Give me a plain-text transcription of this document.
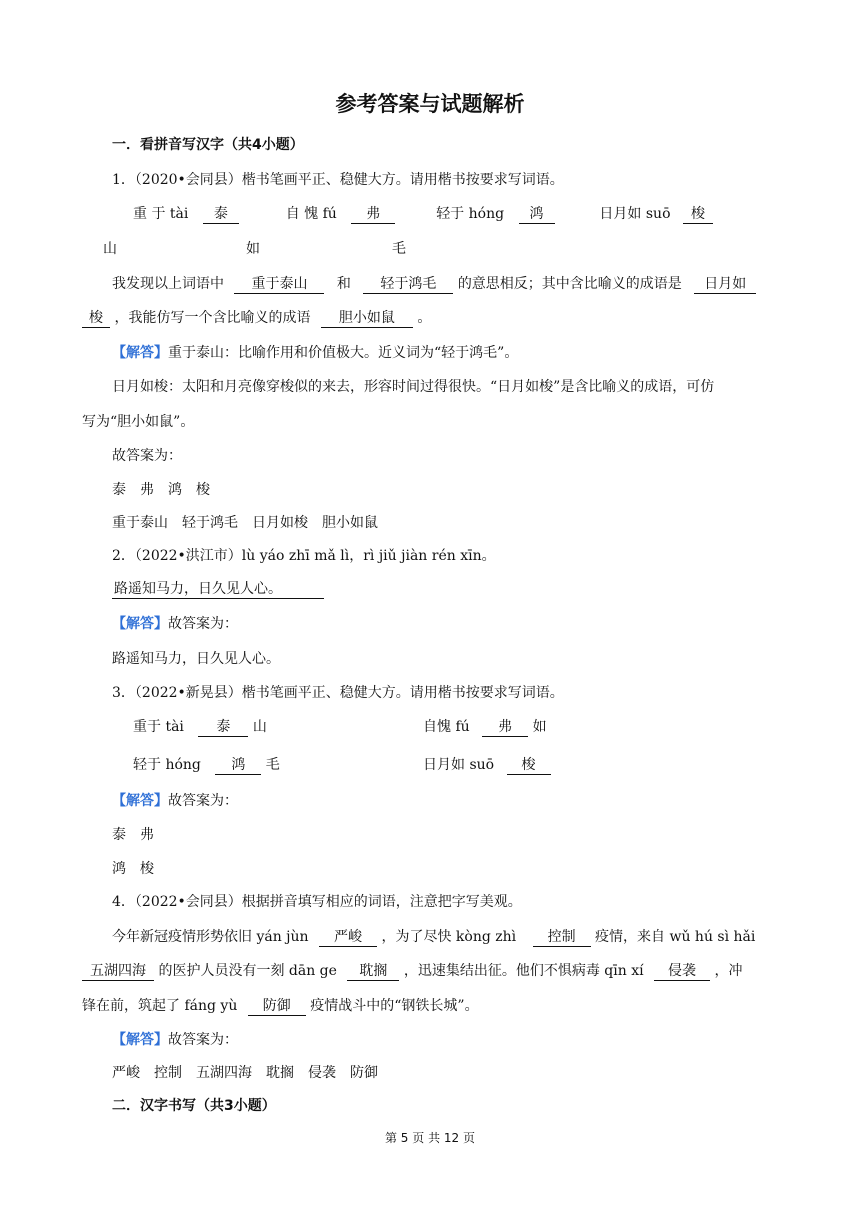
参考答案与试题解析
一．看拼音写汉字（共4小题）
1．（2020•会同县）楷书笔画平正、稳健大方。请用楷书按要求写词语。
重 于 tài 泰	自 愧 fú 弗	轻于 hóng 鸿	日月如 suō 梭
山	如	毛
我发现以上词语中 重于泰山 和 轻于鸿毛 的意思相反；其中含比喻义的成语是 日月如
梭 ，我能仿写一个含比喻义的成语 胆小如鼠 。
【解答】重于泰山：比喻作用和价值极大。近义词为“轻于鸿毛”。
日月如梭：太阳和月亮像穿梭似的来去，形容时间过得很快。“日月如梭”是含比喻义的成语，可仿
写为“胆小如鼠”。
故答案为：
泰　弗　鸿　梭
重于泰山　轻于鸿毛　日月如梭　胆小如鼠
2．（2022•洪江市）lù yáo zhī mǎ lì，rì jiǔ jiàn rén xīn。
路遥知马力，日久见人心。
【解答】故答案为：
路遥知马力，日久见人心。
3．（2022•新晃县）楷书笔画平正、稳健大方。请用楷书按要求写词语。
重于 tài 泰 山	自愧 fú 弗 如
轻于 hóng 鸿 毛	日月如 suō 梭
【解答】故答案为：
泰　弗
鸿　梭
4．（2022•会同县）根据拼音填写相应的词语，注意把字写美观。
今年新冠疫情形势依旧 yán jùn 严峻 ，为了尽快 kòng zhì 控制 疫情，来自 wǔ hú sì hǎi
五湖四海 的医护人员没有一刻 dān ge 耽搁 ，迅速集结出征。他们不惧病毒 qīn xí 侵袭 ，冲
锋在前，筑起了 fáng yù 防御 疫情战斗中的“钢铁长城”。
【解答】故答案为：
严峻　控制　五湖四海　耽搁　侵袭　防御
二．汉字书写（共3小题）
第 5 页 共 12 页
